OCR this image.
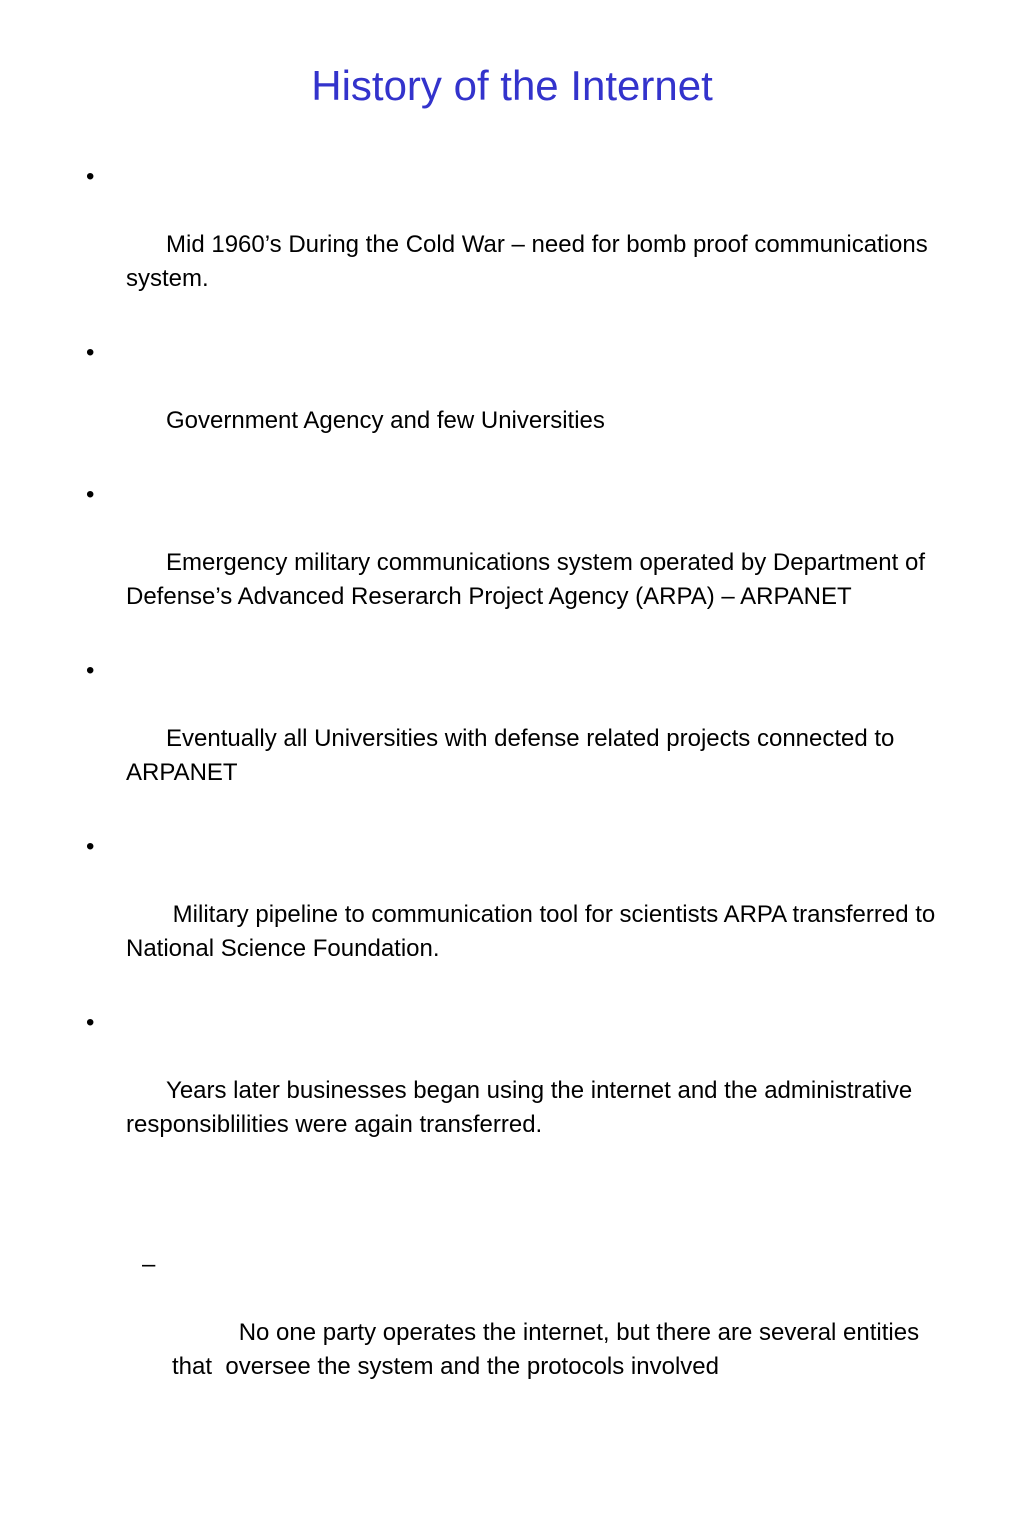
History of the Internet

•

Mid 1960’s During the Cold War – need for bomb proof communications system.

•

Government Agency and few Universities

•

Emergency military communications system operated by Department of Defense’s Advanced Reserarch Project Agency (ARPA) – ARPANET

•

Eventually all Universities with defense related projects connected to ARPANET

•

Military pipeline to communication tool for scientists ARPA transferred to National Science Foundation.

•

Years later businesses began using the internet and the administrative responsiblilities were again transferred.

–

No one party operates the internet, but there are several entities that  oversee the system and the protocols involved
